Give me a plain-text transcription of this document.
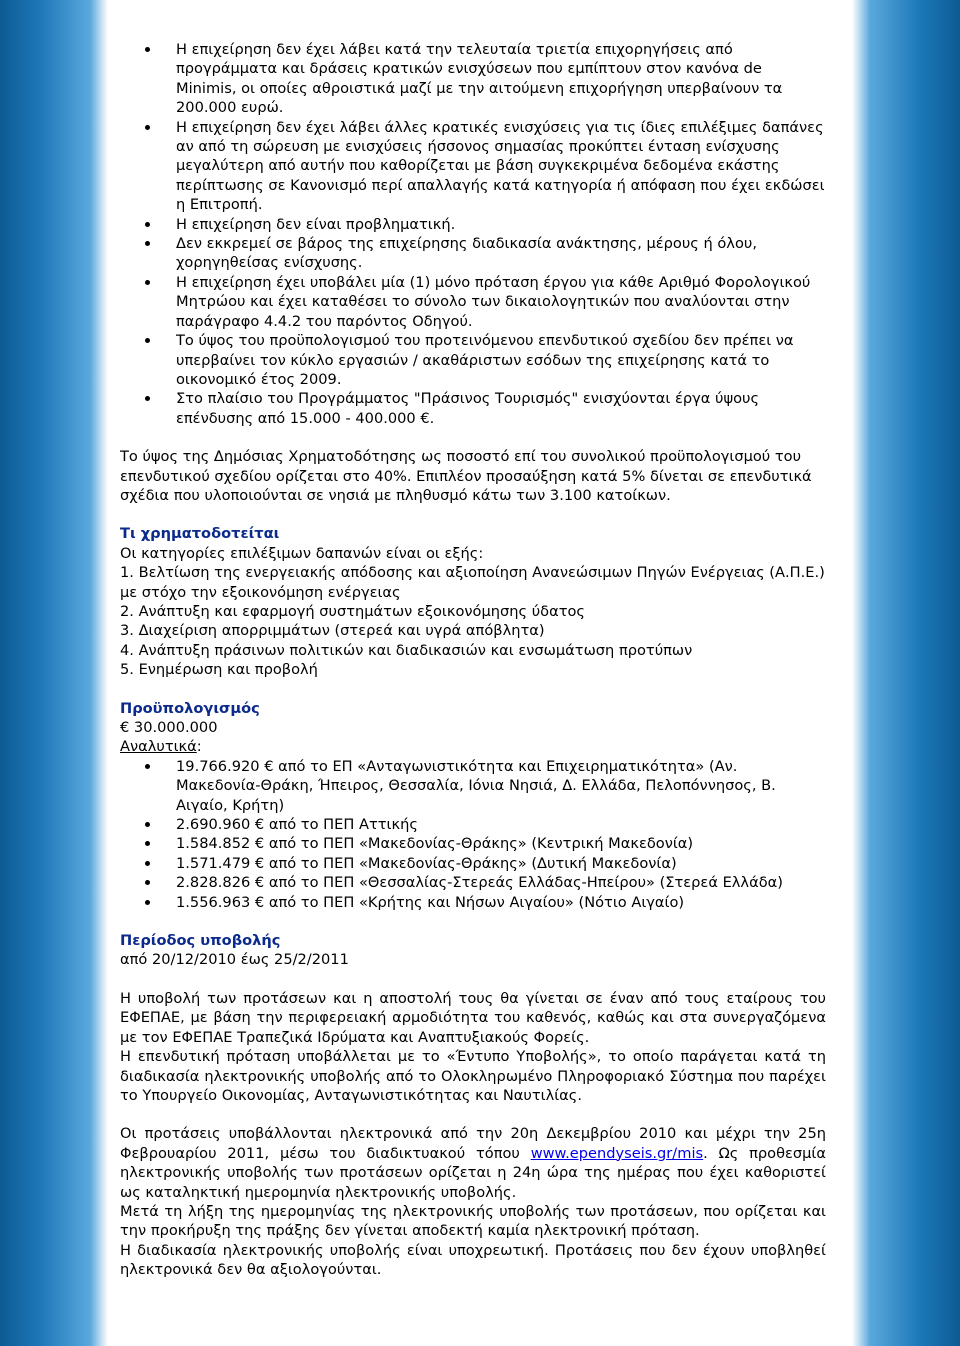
Η επιχείρηση δεν έχει λάβει κατά την τελευταία τριετία επιχορηγήσεις από προγράμματα και δράσεις κρατικών ενισχύσεων που εμπίπτουν στον κανόνα de Minimis, οι οποίες αθροιστικά μαζί με την αιτούμενη επιχορήγηση υπερβαίνουν τα 200.000 ευρώ.
Η επιχείρηση δεν έχει λάβει άλλες κρατικές ενισχύσεις για τις ίδιες επιλέξιμες δαπάνες αν από τη σώρευση με ενισχύσεις ήσσονος σημασίας προκύπτει ένταση ενίσχυσης μεγαλύτερη από αυτήν που καθορίζεται με βάση συγκεκριμένα δεδομένα εκάστης περίπτωσης σε Κανονισμό περί απαλλαγής κατά κατηγορία ή απόφαση που έχει εκδώσει η Επιτροπή.
Η επιχείρηση δεν είναι προβληματική.
Δεν εκκρεμεί σε βάρος της επιχείρησης διαδικασία ανάκτησης, μέρους ή όλου, χορηγηθείσας ενίσχυσης.
Η επιχείρηση έχει υποβάλει μία (1) μόνο πρόταση έργου για κάθε Αριθμό Φορολογικού Μητρώου και έχει καταθέσει το σύνολο των δικαιολογητικών που αναλύονται στην παράγραφο 4.4.2 του παρόντος Οδηγού.
Το ύψος του προϋπολογισμού του προτεινόμενου επενδυτικού σχεδίου δεν πρέπει να υπερβαίνει τον κύκλο εργασιών / ακαθάριστων εσόδων της επιχείρησης κατά το οικονομικό έτος 2009.
Στο πλαίσιο του Προγράμματος "Πράσινος Τουρισμός" ενισχύονται έργα ύψους επένδυσης από 15.000 - 400.000 €.

Το ύψος της Δημόσιας Χρηματοδότησης ως ποσοστό επί του συνολικού προϋπολογισμού του επενδυτικού σχεδίου ορίζεται στο 40%. Επιπλέον προσαύξηση κατά 5% δίνεται σε επενδυτικά σχέδια που υλοποιούνται σε νησιά με πληθυσμό κάτω των 3.100 κατοίκων.

Τι χρηματοδοτείται

Οι κατηγορίες επιλέξιμων δαπανών είναι οι εξής:

1. Βελτίωση της ενεργειακής απόδοσης και αξιοποίηση Ανανεώσιμων Πηγών Ενέργειας (Α.Π.Ε.) με στόχο την εξοικονόμηση ενέργειας

2. Ανάπτυξη και εφαρμογή συστημάτων εξοικονόμησης ύδατος

3. Διαχείριση απορριμμάτων (στερεά και υγρά απόβλητα)

4. Ανάπτυξη πράσινων πολιτικών και διαδικασιών και ενσωμάτωση προτύπων

5. Ενημέρωση και προβολή

Προϋπολογισμός

€ 30.000.000

Αναλυτικά:

19.766.920 € από το ΕΠ «Ανταγωνιστικότητα και Επιχειρηματικότητα» (Αν. Μακεδονία-Θράκη, Ήπειρος, Θεσσαλία, Ιόνια Νησιά, Δ. Ελλάδα, Πελοπόννησος, Β. Αιγαίο, Κρήτη)
2.690.960 € από το ΠΕΠ Αττικής
1.584.852 € από το ΠΕΠ «Μακεδονίας-Θράκης» (Κεντρική Μακεδονία)
1.571.479 € από το ΠΕΠ «Μακεδονίας-Θράκης» (Δυτική Μακεδονία)
2.828.826 € από το ΠΕΠ «Θεσσαλίας-Στερεάς Ελλάδας-Ηπείρου» (Στερεά Ελλάδα)
1.556.963 € από το ΠΕΠ «Κρήτης και Νήσων Αιγαίου» (Νότιο Αιγαίο)

Περίοδος υποβολής

από 20/12/2010 έως 25/2/2011

Η υποβολή των προτάσεων και η αποστολή τους θα γίνεται σε έναν από τους εταίρους του ΕΦΕΠΑΕ, με βάση την περιφερειακή αρμοδιότητα του καθενός, καθώς και στα συνεργαζόμενα με τον ΕΦΕΠΑΕ Τραπεζικά Ιδρύματα και Αναπτυξιακούς Φορείς.

Η επενδυτική πρόταση υποβάλλεται με το «Έντυπο Υποβολής», το οποίο παράγεται κατά τη διαδικασία ηλεκτρονικής υποβολής από το Ολοκληρωμένο Πληροφοριακό Σύστημα που παρέχει το Υπουργείο Οικονομίας, Ανταγωνιστικότητας και Ναυτιλίας.

Οι προτάσεις υποβάλλονται ηλεκτρονικά από την 20η Δεκεμβρίου 2010 και μέχρι την 25η Φεβρουαρίου 2011, μέσω του διαδικτυακού τόπου www.ependyseis.gr/mis. Ως προθεσμία ηλεκτρονικής υποβολής των προτάσεων ορίζεται η 24η ώρα της ημέρας που έχει καθοριστεί ως καταληκτική ημερομηνία ηλεκτρονικής υποβολής.

Μετά τη λήξη της ημερομηνίας της ηλεκτρονικής υποβολής των προτάσεων, που ορίζεται και την προκήρυξη της πράξης δεν γίνεται αποδεκτή καμία ηλεκτρονική πρόταση.

Η διαδικασία ηλεκτρονικής υποβολής είναι υποχρεωτική. Προτάσεις που δεν έχουν υποβληθεί ηλεκτρονικά δεν θα αξιολογούνται.
